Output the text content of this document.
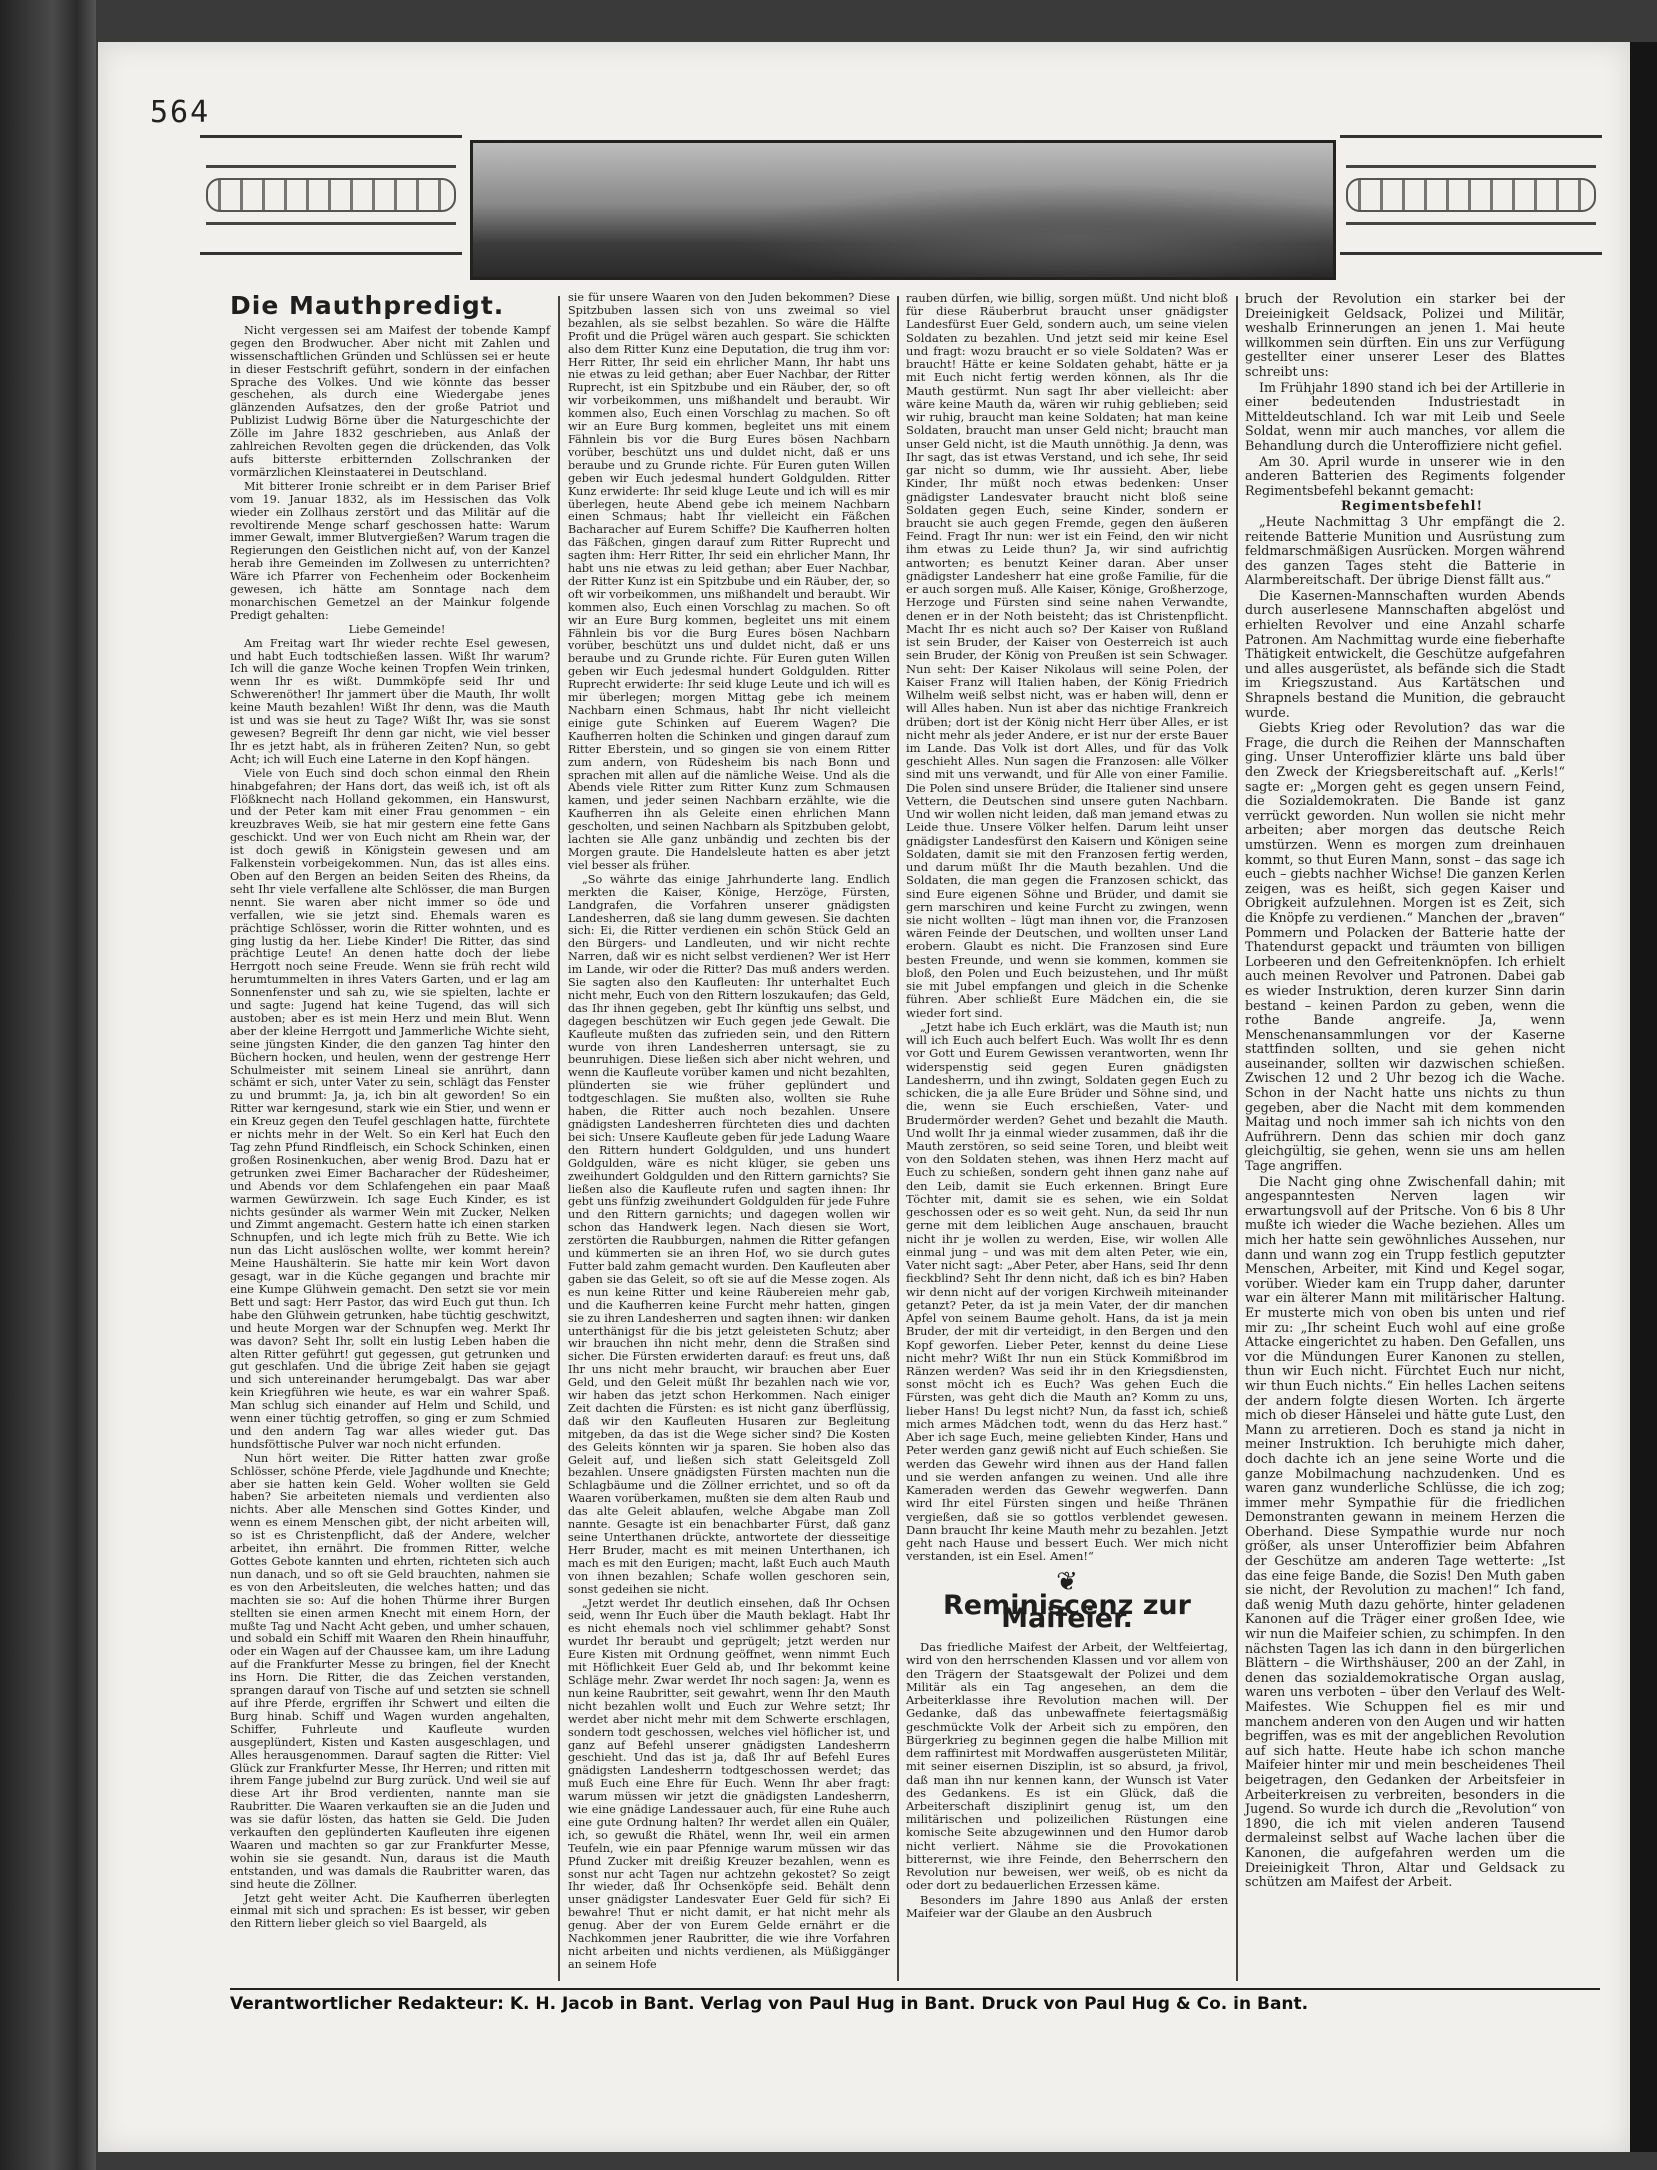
564
Die Mauthpredigt.

Nicht vergessen sei am Maifest der tobende Kampf gegen den Brodwucher. Aber nicht mit Zahlen und wissenschaftlichen Gründen und Schlüssen sei er heute in dieser Festschrift geführt, sondern in der einfachen Sprache des Volkes. Und wie könnte das besser geschehen, als durch eine Wiedergabe jenes glänzenden Aufsatzes, den der große Patriot und Publizist Ludwig Börne über die Naturgeschichte der Zölle im Jahre 1832 geschrieben, aus Anlaß der zahlreichen Revolten gegen die drückenden, das Volk aufs bitterste erbitternden Zollschranken der vormärzlichen Kleinstaaterei in Deutschland.

Mit bitterer Ironie schreibt er in dem Pariser Brief vom 19. Januar 1832, als im Hessischen das Volk wieder ein Zollhaus zerstört und das Militär auf die revoltirende Menge scharf geschossen hatte: Warum immer Gewalt, immer Blutvergießen? Warum tragen die Regierungen den Geistlichen nicht auf, von der Kanzel herab ihre Gemeinden im Zollwesen zu unterrichten? Wäre ich Pfarrer von Fechenheim oder Bockenheim gewesen, ich hätte am Sonntage nach dem monarchischen Gemetzel an der Mainkur folgende Predigt gehalten:

Liebe Gemeinde!

Am Freitag wart Ihr wieder rechte Esel gewesen, und habt Euch todtschießen lassen. Wißt Ihr warum? Ich will die ganze Woche keinen Tropfen Wein trinken, wenn Ihr es wißt. Dummköpfe seid Ihr und Schwerenöther! Ihr jammert über die Mauth, Ihr wollt keine Mauth bezahlen! Wißt Ihr denn, was die Mauth ist und was sie heut zu Tage? Wißt Ihr, was sie sonst gewesen? Begreift Ihr denn gar nicht, wie viel besser Ihr es jetzt habt, als in früheren Zeiten? Nun, so gebt Acht; ich will Euch eine Laterne in den Kopf hängen.

Viele von Euch sind doch schon einmal den Rhein hinabgefahren; der Hans dort, das weiß ich, ist oft als Flößknecht nach Holland gekommen, ein Hanswurst, und der Peter kam mit einer Frau genommen – ein kreuzbraves Weib, sie hat mir gestern eine fette Gans geschickt. Und wer von Euch nicht am Rhein war, der ist doch gewiß in Königstein gewesen und am Falkenstein vorbeigekommen. Nun, das ist alles eins. Oben auf den Bergen an beiden Seiten des Rheins, da seht Ihr viele verfallene alte Schlösser, die man Burgen nennt. Sie waren aber nicht immer so öde und verfallen, wie sie jetzt sind. Ehemals waren es prächtige Schlösser, worin die Ritter wohnten, und es ging lustig da her. Liebe Kinder! Die Ritter, das sind prächtige Leute! An denen hatte doch der liebe Herrgott noch seine Freude. Wenn sie früh recht wild herumtummelten in ihres Vaters Garten, und er lag am Sonnenfenster und sah zu, wie sie spielten, lachte er und sagte: Jugend hat keine Tugend, das will sich austoben; aber es ist mein Herz und mein Blut. Wenn aber der kleine Herrgott und Jammerliche Wichte sieht, seine jüngsten Kinder, die den ganzen Tag hinter den Büchern hocken, und heulen, wenn der gestrenge Herr Schulmeister mit seinem Lineal sie anrührt, dann schämt er sich, unter Vater zu sein, schlägt das Fenster zu und brummt: Ja, ja, ich bin alt geworden! So ein Ritter war kerngesund, stark wie ein Stier, und wenn er ein Kreuz gegen den Teufel geschlagen hatte, fürchtete er nichts mehr in der Welt. So ein Kerl hat Euch den Tag zehn Pfund Rindfleisch, ein Schock Schinken, einen großen Rosinenkuchen, aber wenig Brod. Dazu hat er getrunken zwei Eimer Bacharacher der Rüdesheimer, und Abends vor dem Schlafengehen ein paar Maaß warmen Gewürzwein. Ich sage Euch Kinder, es ist nichts gesünder als warmer Wein mit Zucker, Nelken und Zimmt angemacht. Gestern hatte ich einen starken Schnupfen, und ich legte mich früh zu Bette. Wie ich nun das Licht auslöschen wollte, wer kommt herein? Meine Haushälterin. Sie hatte mir kein Wort davon gesagt, war in die Küche gegangen und brachte mir eine Kumpe Glühwein gemacht. Den setzt sie vor mein Bett und sagt: Herr Pastor, das wird Euch gut thun. Ich habe den Glühwein getrunken, habe tüchtig geschwitzt, und heute Morgen war der Schnupfen weg. Merkt Ihr was davon? Seht Ihr, sollt ein lustig Leben haben die alten Ritter geführt! gut gegessen, gut getrunken und gut geschlafen. Und die übrige Zeit haben sie gejagt und sich untereinander herumgebalgt. Das war aber kein Kriegführen wie heute, es war ein wahrer Spaß. Man schlug sich einander auf Helm und Schild, und wenn einer tüchtig getroffen, so ging er zum Schmied und den andern Tag war alles wieder gut. Das hundsföttische Pulver war noch nicht erfunden.

Nun hört weiter. Die Ritter hatten zwar große Schlösser, schöne Pferde, viele Jagdhunde und Knechte; aber sie hatten kein Geld. Woher wollten sie Geld haben? Sie arbeiteten niemals und verdienten also nichts. Aber alle Menschen sind Gottes Kinder, und wenn es einem Menschen gibt, der nicht arbeiten will, so ist es Christenpflicht, daß der Andere, welcher arbeitet, ihn ernährt. Die frommen Ritter, welche Gottes Gebote kannten und ehrten, richteten sich auch nun danach, und so oft sie Geld brauchten, nahmen sie es von den Arbeitsleuten, die welches hatten; und das machten sie so: Auf die hohen Thürme ihrer Burgen stellten sie einen armen Knecht mit einem Horn, der mußte Tag und Nacht Acht geben, und umher schauen, und sobald ein Schiff mit Waaren den Rhein hinauffuhr, oder ein Wagen auf der Chaussee kam, um ihre Ladung auf die Frankfurter Messe zu bringen, fiel der Knecht ins Horn. Die Ritter, die das Zeichen verstanden, sprangen darauf von Tische auf und setzten sie schnell auf ihre Pferde, ergriffen ihr Schwert und eilten die Burg hinab. Schiff und Wagen wurden angehalten, Schiffer, Fuhrleute und Kaufleute wurden ausgeplündert, Kisten und Kasten ausgeschlagen, und Alles herausgenommen. Darauf sagten die Ritter: Viel Glück zur Frankfurter Messe, Ihr Herren; und ritten mit ihrem Fange jubelnd zur Burg zurück. Und weil sie auf diese Art ihr Brod verdienten, nannte man sie Raubritter. Die Waaren verkauften sie an die Juden und was sie dafür lösten, das hatten sie Geld. Die Juden verkauften den geplünderten Kaufleuten ihre eigenen Waaren und machten so gar zur Frankfurter Messe, wohin sie sie gesandt. Nun, daraus ist die Mauth entstanden, und was damals die Raubritter waren, das sind heute die Zöllner.

Jetzt geht weiter Acht. Die Kaufherren überlegten einmal mit sich und sprachen: Es ist besser, wir geben den Rittern lieber gleich so viel Baargeld, als

sie für unsere Waaren von den Juden bekommen? Diese Spitzbuben lassen sich von uns zweimal so viel bezahlen, als sie selbst bezahlen. So wäre die Hälfte Profit und die Prügel wären auch gespart. Sie schickten also dem Ritter Kunz eine Deputation, die trug ihm vor: Herr Ritter, Ihr seid ein ehrlicher Mann, Ihr habt uns nie etwas zu leid gethan; aber Euer Nachbar, der Ritter Ruprecht, ist ein Spitzbube und ein Räuber, der, so oft wir vorbeikommen, uns mißhandelt und beraubt. Wir kommen also, Euch einen Vorschlag zu machen. So oft wir an Eure Burg kommen, begleitet uns mit einem Fähnlein bis vor die Burg Eures bösen Nachbarn vorüber, beschützt uns und duldet nicht, daß er uns beraube und zu Grunde richte. Für Euren guten Willen geben wir Euch jedesmal hundert Goldgulden. Ritter Kunz erwiderte: Ihr seid kluge Leute und ich will es mir überlegen, heute Abend gebe ich meinem Nachbarn einen Schmaus; habt Ihr vielleicht ein Fäßchen Bacharacher auf Eurem Schiffe? Die Kaufherren holten das Fäßchen, gingen darauf zum Ritter Ruprecht und sagten ihm: Herr Ritter, Ihr seid ein ehrlicher Mann, Ihr habt uns nie etwas zu leid gethan; aber Euer Nachbar, der Ritter Kunz ist ein Spitzbube und ein Räuber, der, so oft wir vorbeikommen, uns mißhandelt und beraubt. Wir kommen also, Euch einen Vorschlag zu machen. So oft wir an Eure Burg kommen, begleitet uns mit einem Fähnlein bis vor die Burg Eures bösen Nachbarn vorüber, beschützt uns und duldet nicht, daß er uns beraube und zu Grunde richte. Für Euren guten Willen geben wir Euch jedesmal hundert Goldgulden. Ritter Ruprecht erwiderte: Ihr seid kluge Leute und ich will es mir überlegen; morgen Mittag gebe ich meinem Nachbarn einen Schmaus, habt Ihr nicht vielleicht einige gute Schinken auf Euerem Wagen? Die Kaufherren holten die Schinken und gingen darauf zum Ritter Eberstein, und so gingen sie von einem Ritter zum andern, von Rüdesheim bis nach Bonn und sprachen mit allen auf die nämliche Weise. Und als die Abends viele Ritter zum Ritter Kunz zum Schmausen kamen, und jeder seinen Nachbarn erzählte, wie die Kaufherren ihn als Geleite einen ehrlichen Mann gescholten, und seinen Nachbarn als Spitzbuben gelobt, lachten sie Alle ganz unbändig und zechten bis der Morgen graute. Die Handelsleute hatten es aber jetzt viel besser als früher.

„So währte das einige Jahrhunderte lang. Endlich merkten die Kaiser, Könige, Herzöge, Fürsten, Landgrafen, die Vorfahren unserer gnädigsten Landesherren, daß sie lang dumm gewesen. Sie dachten sich: Ei, die Ritter verdienen ein schön Stück Geld an den Bürgers- und Landleuten, und wir nicht rechte Narren, daß wir es nicht selbst verdienen? Wer ist Herr im Lande, wir oder die Ritter? Das muß anders werden. Sie sagten also den Kaufleuten: Ihr unterhaltet Euch nicht mehr, Euch von den Rittern loszukaufen; das Geld, das Ihr ihnen gegeben, gebt Ihr künftig uns selbst, und dagegen beschützen wir Euch gegen jede Gewalt. Die Kaufleute mußten das zufrieden sein, und den Rittern wurde von ihren Landesherren untersagt, sie zu beunruhigen. Diese ließen sich aber nicht wehren, und wenn die Kaufleute vorüber kamen und nicht bezahlten, plünderten sie wie früher geplündert und todtgeschlagen. Sie mußten also, wollten sie Ruhe haben, die Ritter auch noch bezahlen. Unsere gnädigsten Landesherren fürchteten dies und dachten bei sich: Unsere Kaufleute geben für jede Ladung Waare den Rittern hundert Goldgulden, und uns hundert Goldgulden, wäre es nicht klüger, sie geben uns zweihundert Goldgulden und den Rittern garnichts? Sie ließen also die Kaufleute rufen und sagten ihnen: Ihr gebt uns fünfzig zweihundert Goldgulden für jede Fuhre und den Rittern garnichts; und dagegen wollen wir schon das Handwerk legen. Nach diesen sie Wort, zerstörten die Raubburgen, nahmen die Ritter gefangen und kümmerten sie an ihren Hof, wo sie durch gutes Futter bald zahm gemacht wurden. Den Kaufleuten aber gaben sie das Geleit, so oft sie auf die Messe zogen. Als es nun keine Ritter und keine Räubereien mehr gab, und die Kaufherren keine Furcht mehr hatten, gingen sie zu ihren Landesherren und sagten ihnen: wir danken unterthänigst für die bis jetzt geleisteten Schutz; aber wir brauchen ihn nicht mehr, denn die Straßen sind sicher. Die Fürsten erwiderten darauf: es freut uns, daß Ihr uns nicht mehr braucht, wir brauchen aber Euer Geld, und den Geleit müßt Ihr bezahlen nach wie vor, wir haben das jetzt schon Herkommen. Nach einiger Zeit dachten die Fürsten: es ist nicht ganz überflüssig, daß wir den Kaufleuten Husaren zur Begleitung mitgeben, da das ist die Wege sicher sind? Die Kosten des Geleits könnten wir ja sparen. Sie hoben also das Geleit auf, und ließen sich statt Geleitsgeld Zoll bezahlen. Unsere gnädigsten Fürsten machten nun die Schlagbäume und die Zöllner errichtet, und so oft da Waaren vorüberkamen, mußten sie dem alten Raub und das alte Geleit ablaufen, welche Abgabe man Zoll nannte. Gesagte ist ein benachbarter Fürst, daß ganz seine Unterthanen drückte, antwortete der diesseitige Herr Bruder, macht es mit meinen Unterthanen, ich mach es mit den Eurigen; macht, laßt Euch auch Mauth von ihnen bezahlen; Schafe wollen geschoren sein, sonst gedeihen sie nicht.

„Jetzt werdet Ihr deutlich einsehen, daß Ihr Ochsen seid, wenn Ihr Euch über die Mauth beklagt. Habt Ihr es nicht ehemals noch viel schlimmer gehabt? Sonst wurdet Ihr beraubt und geprügelt; jetzt werden nur Eure Kisten mit Ordnung geöffnet, wenn nimmt Euch mit Höflichkeit Euer Geld ab, und Ihr bekommt keine Schläge mehr. Zwar werdet Ihr noch sagen: Ja, wenn es nun keine Raubritter, seit gewahrt, wenn Ihr den Mauth nicht bezahlen wollt und Euch zur Wehre setzt; Ihr werdet aber nicht mehr mit dem Schwerte erschlagen, sondern todt geschossen, welches viel höflicher ist, und ganz auf Befehl unserer gnädigsten Landesherrn geschieht. Und das ist ja, daß Ihr auf Befehl Eures gnädigsten Landesherrn todtgeschossen werdet; das muß Euch eine Ehre für Euch. Wenn Ihr aber fragt: warum müssen wir jetzt die gnädigsten Landesherrn, wie eine gnädige Landessauer auch, für eine Ruhe auch eine gute Ordnung halten? Ihr werdet allen ein Quäler, ich, so gewußt die Rhätel, wenn Ihr, weil ein armen Teufeln, wie ein paar Pfennige warum müssen wir das Pfund Zucker mit dreißig Kreuzer bezahlen, wenn es sonst nur acht Tagen nur achtzehn gekostet? So zeigt Ihr wieder, daß Ihr Ochsenköpfe seid. Behält denn unser gnädigster Landesvater Euer Geld für sich? Ei bewahre! Thut er nicht damit, er hat nicht mehr als genug. Aber der von Eurem Gelde ernährt er die Nachkommen jener Raubritter, die wie ihre Vorfahren nicht arbeiten und nichts verdienen, als Müßiggänger an seinem Hofe

rauben dürfen, wie billig, sorgen müßt. Und nicht bloß für diese Räuberbrut braucht unser gnädigster Landesfürst Euer Geld, sondern auch, um seine vielen Soldaten zu bezahlen. Und jetzt seid mir keine Esel und fragt: wozu braucht er so viele Soldaten? Was er braucht! Hätte er keine Soldaten gehabt, hätte er ja mit Euch nicht fertig werden können, als Ihr die Mauth gestürmt. Nun sagt Ihr aber vielleicht: aber wäre keine Mauth da, wären wir ruhig geblieben; seid wir ruhig, braucht man keine Soldaten; hat man keine Soldaten, braucht man unser Geld nicht; braucht man unser Geld nicht, ist die Mauth unnöthig. Ja denn, was Ihr sagt, das ist etwas Verstand, und ich sehe, Ihr seid gar nicht so dumm, wie Ihr aussieht. Aber, liebe Kinder, Ihr müßt noch etwas bedenken: Unser gnädigster Landesvater braucht nicht bloß seine Soldaten gegen Euch, seine Kinder, sondern er braucht sie auch gegen Fremde, gegen den äußeren Feind. Fragt Ihr nun: wer ist ein Feind, den wir nicht ihm etwas zu Leide thun? Ja, wir sind aufrichtig antworten; es benutzt Keiner daran. Aber unser gnädigster Landesherr hat eine große Familie, für die er auch sorgen muß. Alle Kaiser, Könige, Großherzoge, Herzoge und Fürsten sind seine nahen Verwandte, denen er in der Noth beisteht; das ist Christenpflicht. Macht Ihr es nicht auch so? Der Kaiser von Rußland ist sein Bruder, der Kaiser von Oesterreich ist auch sein Bruder, der König von Preußen ist sein Schwager. Nun seht: Der Kaiser Nikolaus will seine Polen, der Kaiser Franz will Italien haben, der König Friedrich Wilhelm weiß selbst nicht, was er haben will, denn er will Alles haben. Nun ist aber das nichtige Frankreich drüben; dort ist der König nicht Herr über Alles, er ist nicht mehr als jeder Andere, er ist nur der erste Bauer im Lande. Das Volk ist dort Alles, und für das Volk geschieht Alles. Nun sagen die Franzosen: alle Völker sind mit uns verwandt, und für Alle von einer Familie. Die Polen sind unsere Brüder, die Italiener sind unsere Vettern, die Deutschen sind unsere guten Nachbarn. Und wir wollen nicht leiden, daß man jemand etwas zu Leide thue. Unsere Völker helfen. Darum leiht unser gnädigster Landesfürst den Kaisern und Königen seine Soldaten, damit sie mit den Franzosen fertig werden, und darum müßt Ihr die Mauth bezahlen. Und die Soldaten, die man gegen die Franzosen schickt, das sind Eure eigenen Söhne und Brüder, und damit sie gern marschiren und keine Furcht zu zwingen, wenn sie nicht wollten – lügt man ihnen vor, die Franzosen wären Feinde der Deutschen, und wollten unser Land erobern. Glaubt es nicht. Die Franzosen sind Eure besten Freunde, und wenn sie kommen, kommen sie bloß, den Polen und Euch beizustehen, und Ihr müßt sie mit Jubel empfangen und gleich in die Schenke führen. Aber schließt Eure Mädchen ein, die sie wieder fort sind.

„Jetzt habe ich Euch erklärt, was die Mauth ist; nun will ich Euch auch belfert Euch. Was wollt Ihr es denn vor Gott und Eurem Gewissen verantworten, wenn Ihr widerspenstig seid gegen Euren gnädigsten Landesherrn, und ihn zwingt, Soldaten gegen Euch zu schicken, die ja alle Eure Brüder und Söhne sind, und die, wenn sie Euch erschießen, Vater- und Brudermörder werden? Gehet und bezahlt die Mauth. Und wollt Ihr ja einmal wieder zusammen, daß ihr die Mauth zerstören, so seid seine Toren, und bleibt weit von den Soldaten stehen, was ihnen Herz macht auf Euch zu schießen, sondern geht ihnen ganz nahe auf den Leib, damit sie Euch erkennen. Bringt Eure Töchter mit, damit sie es sehen, wie ein Soldat geschossen oder es so weit geht. Nun, da seid Ihr nun gerne mit dem leiblichen Auge anschauen, braucht nicht ihr je wollen zu werden, Eise, wir wollen Alle einmal jung – und was mit dem alten Peter, wie ein, Vater nicht sagt: „Aber Peter, aber Hans, seid Ihr denn fieckblind? Seht Ihr denn nicht, daß ich es bin? Haben wir denn nicht auf der vorigen Kirchweih miteinander getanzt? Peter, da ist ja mein Vater, der dir manchen Apfel von seinem Baume geholt. Hans, da ist ja mein Bruder, der mit dir verteidigt, in den Bergen und den Kopf geworfen. Lieber Peter, kennst du deine Liese nicht mehr? Wißt Ihr nun ein Stück Kommißbrod im Ränzen werden? Was seid ihr in den Kriegsdiensten, sonst möcht ich es Euch? Was gehen Euch die Fürsten, was geht dich die Mauth an? Komm zu uns, lieber Hans! Du legst nicht? Nun, da fasst ich, schieß mich armes Mädchen todt, wenn du das Herz hast.“ Aber ich sage Euch, meine geliebten Kinder, Hans und Peter werden ganz gewiß nicht auf Euch schießen. Sie werden das Gewehr wird ihnen aus der Hand fallen und sie werden anfangen zu weinen. Und alle ihre Kameraden werden das Gewehr wegwerfen. Dann wird Ihr eitel Fürsten singen und heiße Thränen vergießen, daß sie so gottlos verblendet gewesen. Dann braucht Ihr keine Mauth mehr zu bezahlen. Jetzt geht nach Hause und bessert Euch. Wer mich nicht verstanden, ist ein Esel. Amen!“

❦
Reminiscenz zur Maifeier.

Das friedliche Maifest der Arbeit, der Weltfeiertag, wird von den herrschenden Klassen und vor allem von den Trägern der Staatsgewalt der Polizei und dem Militär als ein Tag angesehen, an dem die Arbeiterklasse ihre Revolution machen will. Der Gedanke, daß das unbewaffnete feiertagsmäßig geschmückte Volk der Arbeit sich zu empören, den Bürgerkrieg zu beginnen gegen die halbe Million mit dem raffinirtest mit Mordwaffen ausgerüsteten Militär, mit seiner eisernen Disziplin, ist so absurd, ja frivol, daß man ihn nur kennen kann, der Wunsch ist Vater des Gedankens. Es ist ein Glück, daß die Arbeiterschaft disziplinirt genug ist, um den militärischen und polizeilichen Rüstungen eine komische Seite abzugewinnen und den Humor darob nicht verliert. Nähme sie die Provokationen bitterernst, wie ihre Feinde, den Beherrschern den Revolution nur beweisen, wer weiß, ob es nicht da oder dort zu bedauerlichen Erzessen käme.

Besonders im Jahre 1890 aus Anlaß der ersten Maifeier war der Glaube an den Ausbruch

bruch der Revolution ein starker bei der Dreieinigkeit Geldsack, Polizei und Militär, weshalb Erinnerungen an jenen 1. Mai heute willkommen sein dürften. Ein uns zur Verfügung gestellter einer unserer Leser des Blattes schreibt uns:

Im Frühjahr 1890 stand ich bei der Artillerie in einer bedeutenden Industriestadt in Mitteldeutschland. Ich war mit Leib und Seele Soldat, wenn mir auch manches, vor allem die Behandlung durch die Unteroffiziere nicht gefiel.

Am 30. April wurde in unserer wie in den anderen Batterien des Regiments folgender Regimentsbefehl bekannt gemacht:

Regimentsbefehl!

„Heute Nachmittag 3 Uhr empfängt die 2. reitende Batterie Munition und Ausrüstung zum feldmarschmäßigen Ausrücken. Morgen während des ganzen Tages steht die Batterie in Alarmbereitschaft. Der übrige Dienst fällt aus.“

Die Kasernen-Mannschaften wurden Abends durch auserlesene Mannschaften abgelöst und erhielten Revolver und eine Anzahl scharfe Patronen. Am Nachmittag wurde eine fieberhafte Thätigkeit entwickelt, die Geschütze aufgefahren und alles ausgerüstet, als befände sich die Stadt im Kriegszustand. Aus Kartätschen und Shrapnels bestand die Munition, die gebraucht wurde.

Giebts Krieg oder Revolution? das war die Frage, die durch die Reihen der Mannschaften ging. Unser Unteroffizier klärte uns bald über den Zweck der Kriegsbereitschaft auf. „Kerls!“ sagte er: „Morgen geht es gegen unsern Feind, die Sozialdemokraten. Die Bande ist ganz verrückt geworden. Nun wollen sie nicht mehr arbeiten; aber morgen das deutsche Reich umstürzen. Wenn es morgen zum dreinhauen kommt, so thut Euren Mann, sonst – das sage ich euch – giebts nachher Wichse! Die ganzen Kerlen zeigen, was es heißt, sich gegen Kaiser und Obrigkeit aufzulehnen. Morgen ist es Zeit, sich die Knöpfe zu verdienen.“ Manchen der „braven“ Pommern und Polacken der Batterie hatte der Thatendurst gepackt und träumten von billigen Lorbeeren und den Gefreitenknöpfen. Ich erhielt auch meinen Revolver und Patronen. Dabei gab es wieder Instruktion, deren kurzer Sinn darin bestand – keinen Pardon zu geben, wenn die rothe Bande angreife. Ja, wenn Menschenansammlungen vor der Kaserne stattfinden sollten, und sie gehen nicht auseinander, sollten wir dazwischen schießen. Zwischen 12 und 2 Uhr bezog ich die Wache. Schon in der Nacht hatte uns nichts zu thun gegeben, aber die Nacht mit dem kommenden Maitag und noch immer sah ich nichts von den Aufrührern. Denn das schien mir doch ganz gleichgültig, sie gehen, wenn sie uns am hellen Tage angriffen.

Die Nacht ging ohne Zwischenfall dahin; mit angespanntesten Nerven lagen wir erwartungsvoll auf der Pritsche. Von 6 bis 8 Uhr mußte ich wieder die Wache beziehen. Alles um mich her hatte sein gewöhnliches Aussehen, nur dann und wann zog ein Trupp festlich geputzter Menschen, Arbeiter, mit Kind und Kegel sogar, vorüber. Wieder kam ein Trupp daher, darunter war ein älterer Mann mit militärischer Haltung. Er musterte mich von oben bis unten und rief mir zu: „Ihr scheint Euch wohl auf eine große Attacke eingerichtet zu haben. Den Gefallen, uns vor die Mündungen Eurer Kanonen zu stellen, thun wir Euch nicht. Fürchtet Euch nur nicht, wir thun Euch nichts.“ Ein helles Lachen seitens der andern folgte diesen Worten. Ich ärgerte mich ob dieser Hänselei und hätte gute Lust, den Mann zu arretieren. Doch es stand ja nicht in meiner Instruktion. Ich beruhigte mich daher, doch dachte ich an jene seine Worte und die ganze Mobilmachung nachzudenken. Und es waren ganz wunderliche Schlüsse, die ich zog; immer mehr Sympathie für die friedlichen Demonstranten gewann in meinem Herzen die Oberhand. Diese Sympathie wurde nur noch größer, als unser Unteroffizier beim Abfahren der Geschütze am anderen Tage wetterte: „Ist das eine feige Bande, die Sozis! Den Muth gaben sie nicht, der Revolution zu machen!“ Ich fand, daß wenig Muth dazu gehörte, hinter geladenen Kanonen auf die Träger einer großen Idee, wie wir nun die Maifeier schien, zu schimpfen. In den nächsten Tagen las ich dann in den bürgerlichen Blättern – die Wirthshäuser, 200 an der Zahl, in denen das sozialdemokratische Organ auslag, waren uns verboten – über den Verlauf des Welt-Maifestes. Wie Schuppen fiel es mir und manchem anderen von den Augen und wir hatten begriffen, was es mit der angeblichen Revolution auf sich hatte. Heute habe ich schon manche Maifeier hinter mir und mein bescheidenes Theil beigetragen, den Gedanken der Arbeitsfeier in Arbeiterkreisen zu verbreiten, besonders in die Jugend. So wurde ich durch die „Revolution“ von 1890, die ich mit vielen anderen Tausend dermaleinst selbst auf Wache lachen über die Kanonen, die aufgefahren werden um die Dreieinigkeit Thron, Altar und Geldsack zu schützen am Maifest der Arbeit.

Verantwortlicher Redakteur: K. H. Jacob in Bant. Verlag von Paul Hug in Bant. Druck von Paul Hug & Co. in Bant.
